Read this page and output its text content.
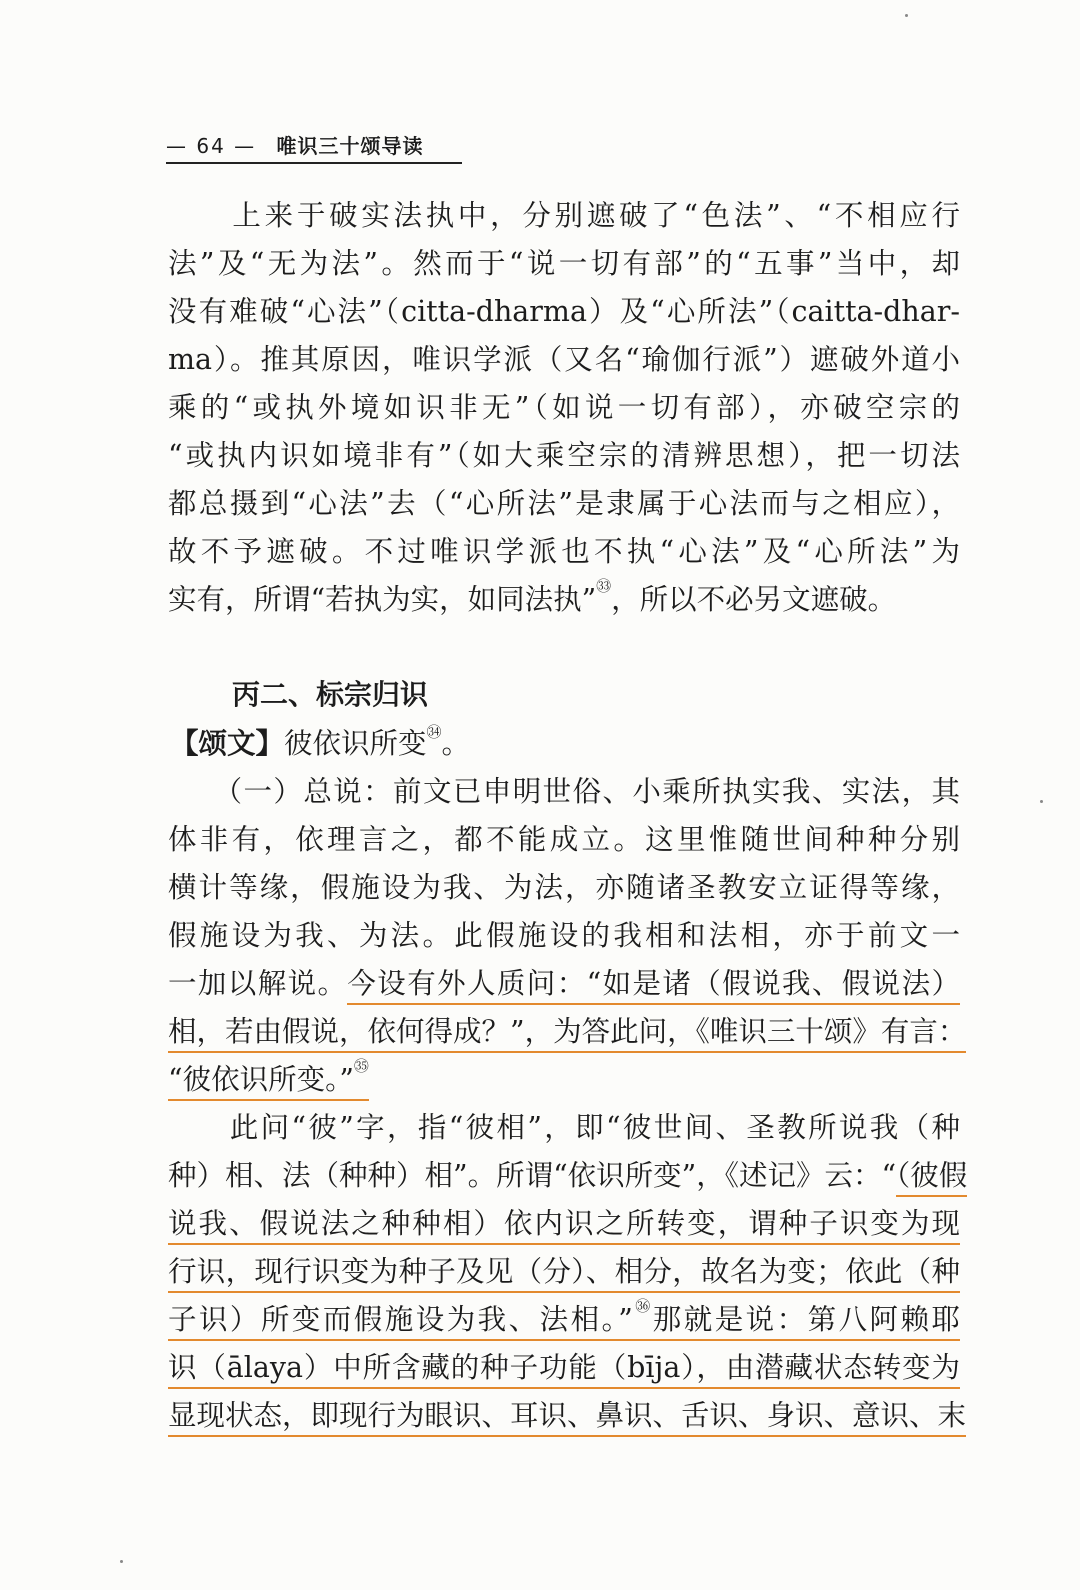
— 64 — 唯识三十颂导读
　　上来于破实法执中，分别遮破了“色法”、“不相应行
法”及“无为法”。然而于“说一切有部”的“五事”当中，却
没有难破“心法”（citta-dharma）及“心所法”（caitta-dhar-
ma）。推其原因，唯识学派（又名“瑜伽行派”）遮破外道小
乘的“或执外境如识非无”（如说一切有部），亦破空宗的
“或执内识如境非有”（如大乘空宗的清辨思想），把一切法
都总摄到“心法”去（“心所法”是隶属于心法而与之相应），
故不予遮破。不过唯识学派也不执“心法”及“心所法”为
实有，所谓“若执为实，如同法执”$^㉝$，所以不必另文遮破。
丙二、标宗归识
【颂文】彼依识所变$^㉞$。
　　（一）总说：前文已申明世俗、小乘所执实我、实法，其
体非有，依理言之，都不能成立。这里惟随世间种种分别
横计等缘，假施设为我、为法，亦随诸圣教安立证得等缘，
假施设为我、为法。此假施设的我相和法相，亦于前文一
一加以解说。今设有外人质问：“如是诸（假说我、假说法）
相，若由假说，依何得成？”，为答此问，《唯识三十颂》有言：
“彼依识所变。”$^㉟$
　　此问“彼”字，指“彼相”，即“彼世间、圣教所说我（种
种）相、法（种种）相”。所谓“依识所变”，《述记》云：“（彼假
说我、假说法之种种相）依内识之所转变，谓种子识变为现
行识，现行识变为种子及见（分）、相分，故名为变；依此（种
子识）所变而假施设为我、法相。”$^㊱$那就是说：第八阿赖耶
识（ālaya）中所含藏的种子功能（bīja），由潜藏状态转变为
显现状态，即现行为眼识、耳识、鼻识、舌识、身识、意识、末
